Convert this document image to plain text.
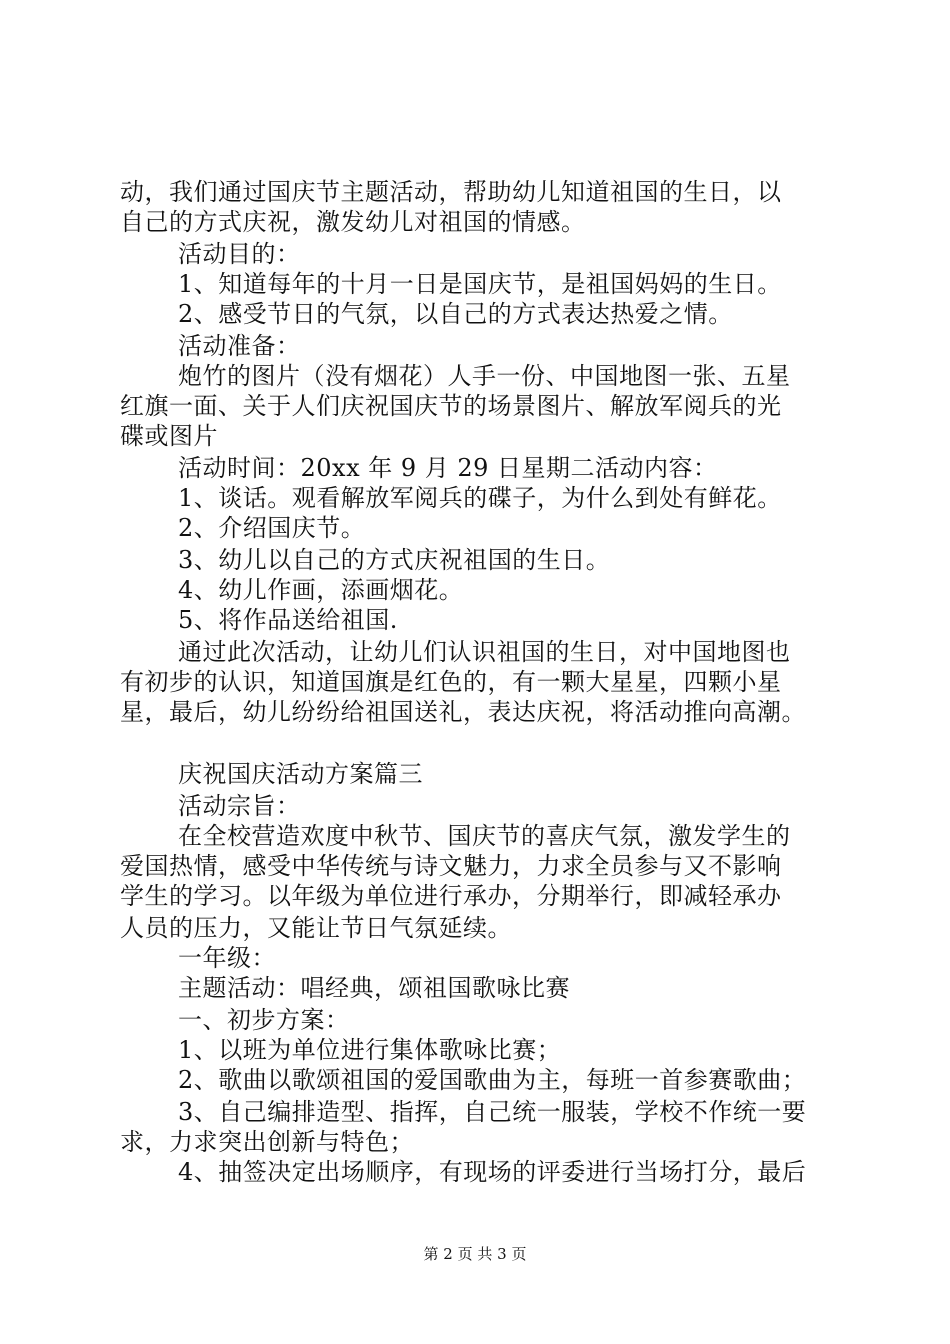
动，我们通过国庆节主题活动，帮助幼儿知道祖国的生日，以

自己的方式庆祝，激发幼儿对祖国的情感。

活动目的：

1、知道每年的十月一日是国庆节，是祖国妈妈的生日。

2、感受节日的气氛，以自己的方式表达热爱之情。

活动准备：

炮竹的图片（没有烟花）人手一份、中国地图一张、五星

红旗一面、关于人们庆祝国庆节的场景图片、解放军阅兵的光

碟或图片

活动时间：20xx 年 9 月 29 日星期二活动内容：

1、谈话。观看解放军阅兵的碟子，为什么到处有鲜花。

2、介绍国庆节。

3、幼儿以自己的方式庆祝祖国的生日。

4、幼儿作画，添画烟花。

5、将作品送给祖国.

通过此次活动，让幼儿们认识祖国的生日，对中国地图也

有初步的认识，知道国旗是红色的，有一颗大星星，四颗小星

星，最后，幼儿纷纷给祖国送礼，表达庆祝，将活动推向高潮。

庆祝国庆活动方案篇三

活动宗旨：

在全校营造欢度中秋节、国庆节的喜庆气氛，激发学生的

爱国热情，感受中华传统与诗文魅力，力求全员参与又不影响

学生的学习。以年级为单位进行承办，分期举行，即减轻承办

人员的压力，又能让节日气氛延续。

一年级：

主题活动：唱经典，颂祖国歌咏比赛

一、初步方案：

1、以班为单位进行集体歌咏比赛；

2、歌曲以歌颂祖国的爱国歌曲为主，每班一首参赛歌曲；

3、自己编排造型、指挥，自己统一服装，学校不作统一要

求，力求突出创新与特色；

4、抽签决定出场顺序，有现场的评委进行当场打分，最后

第 2 页 共 3 页
